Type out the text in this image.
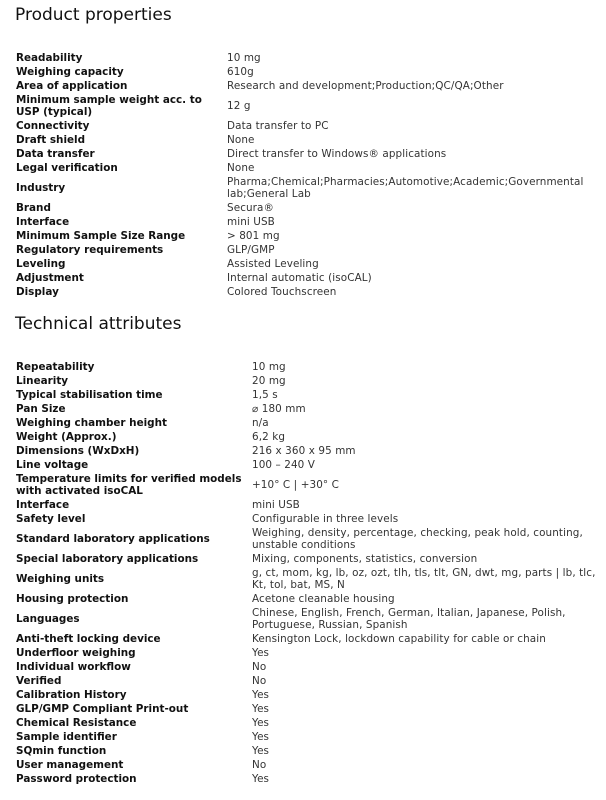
Product properties
Readability	10 mg
Weighing capacity	610g
Area of application	Research and development;Production;QC/QA;Other
Minimum sample weight acc. to USP (typical)	12 g
Connectivity	Data transfer to PC
Draft shield	None
Data transfer	Direct transfer to Windows® applications
Legal verification	None
Industry	Pharma;Chemical;Pharmacies;Automotive;Academic;Governmental lab;General Lab
Brand	Secura®
Interface	mini USB
Minimum Sample Size Range	> 801 mg
Regulatory requirements	GLP/GMP
Leveling	Assisted Leveling
Adjustment	Internal automatic (isoCAL)
Display	Colored Touchscreen
Technical attributes
Repeatability	10 mg
Linearity	20 mg
Typical stabilisation time	1,5 s
Pan Size	⌀ 180 mm
Weighing chamber height	n/a
Weight (Approx.)	6,2 kg
Dimensions (WxDxH)	216 x 360 x 95 mm
Line voltage	100 – 240 V
Temperature limits for verified models with activated isoCAL	+10° C | +30° C
Interface	mini USB
Safety level	Configurable in three levels
Standard laboratory applications	Weighing, density, percentage, checking, peak hold, counting, unstable conditions
Special laboratory applications	Mixing, components, statistics, conversion
Weighing units	g, ct, mom, kg, lb, oz, ozt, tlh, tls, tlt, GN, dwt, mg, parts | lb, tlc, Kt, tol, bat, MS, N
Housing protection	Acetone cleanable housing
Languages	Chinese, English, French, German, Italian, Japanese, Polish, Portuguese, Russian, Spanish
Anti-theft locking device	Kensington Lock, lockdown capability for cable or chain
Underfloor weighing	Yes
Individual workflow	No
Verified	No
Calibration History	Yes
GLP/GMP Compliant Print-out	Yes
Chemical Resistance	Yes
Sample identifier	Yes
SQmin function	Yes
User management	No
Password protection	Yes
